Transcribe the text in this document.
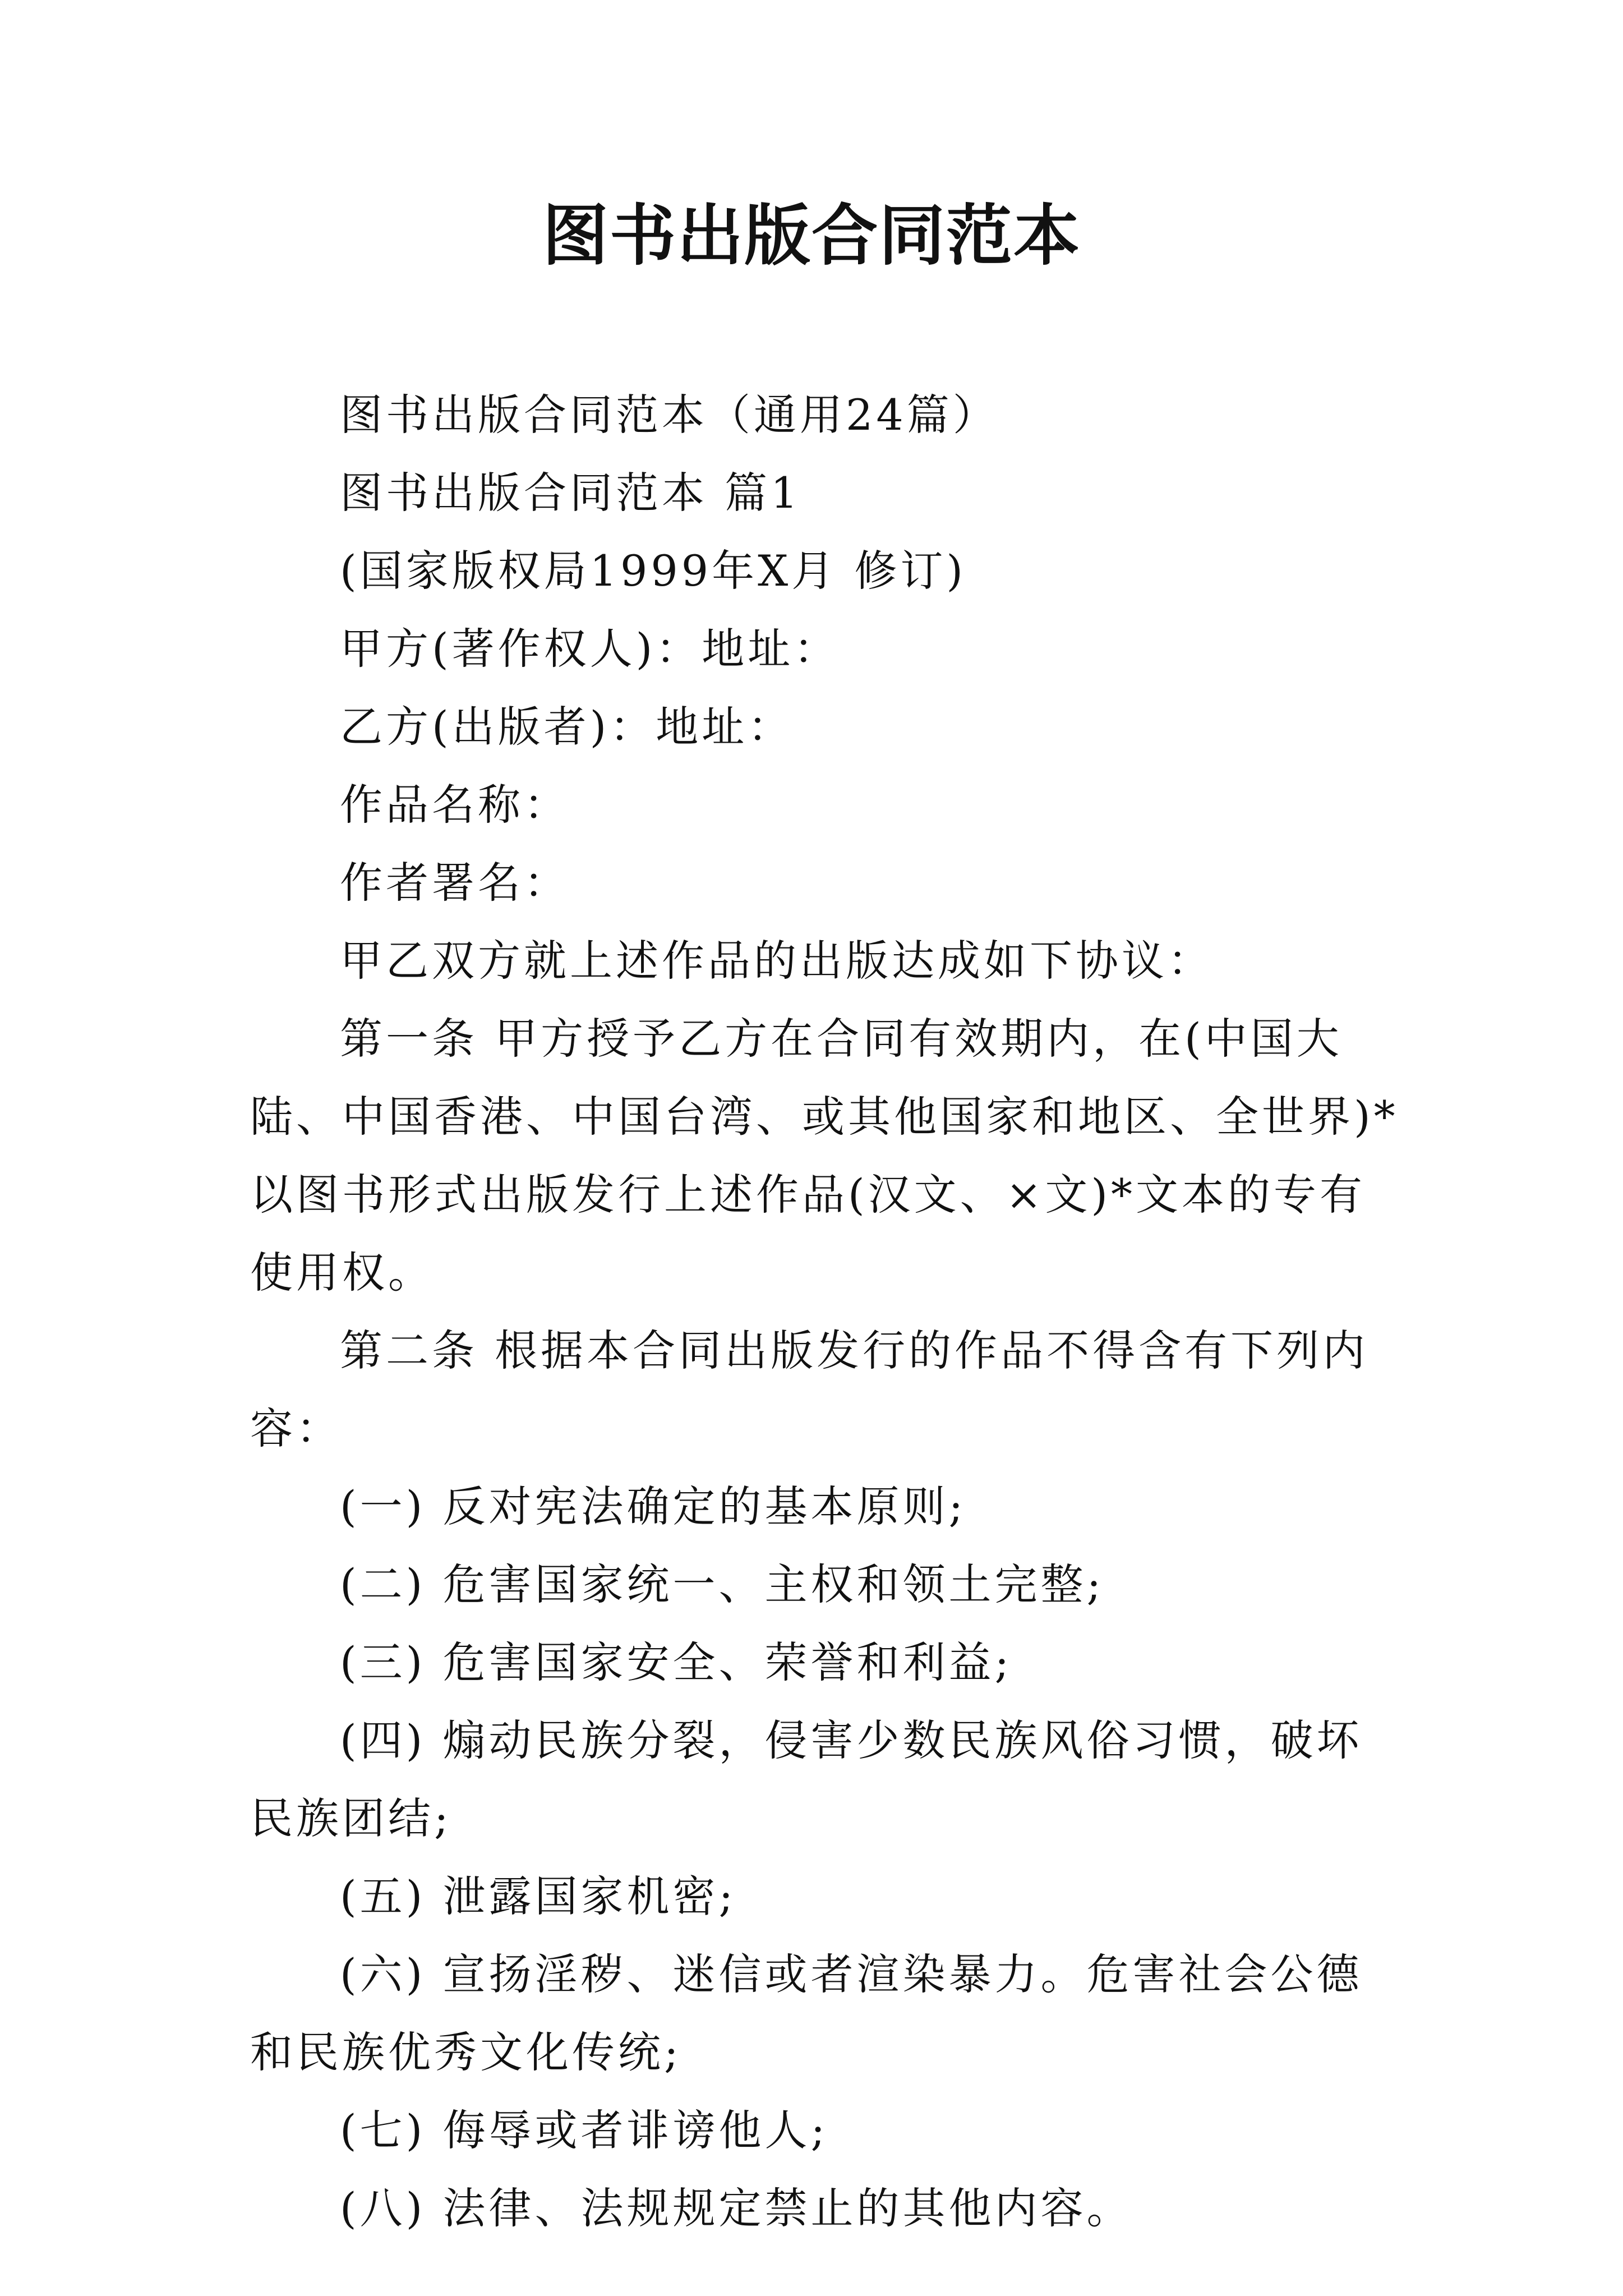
图书出版合同范本

图书出版合同范本（通用24篇）

图书出版合同范本 篇1

(国家版权局1999年X月 修订)

甲方(著作权人)：地址：

乙方(出版者)：地址：

作品名称：

作者署名：

甲乙双方就上述作品的出版达成如下协议：

第一条 甲方授予乙方在合同有效期内，在(中国大陆、中国香港、中国台湾、或其他国家和地区、全世界)*以图书形式出版发行上述作品(汉文、×文)*文本的专有使用权。

第二条 根据本合同出版发行的作品不得含有下列内容：

(一) 反对宪法确定的基本原则;

(二) 危害国家统一、主权和领土完整;

(三) 危害国家安全、荣誉和利益;

(四) 煽动民族分裂，侵害少数民族风俗习惯，破坏民族团结;

(五) 泄露国家机密;

(六) 宣扬淫秽、迷信或者渲染暴力。危害社会公德和民族优秀文化传统;

(七) 侮辱或者诽谤他人;

(八) 法律、法规规定禁止的其他内容。
